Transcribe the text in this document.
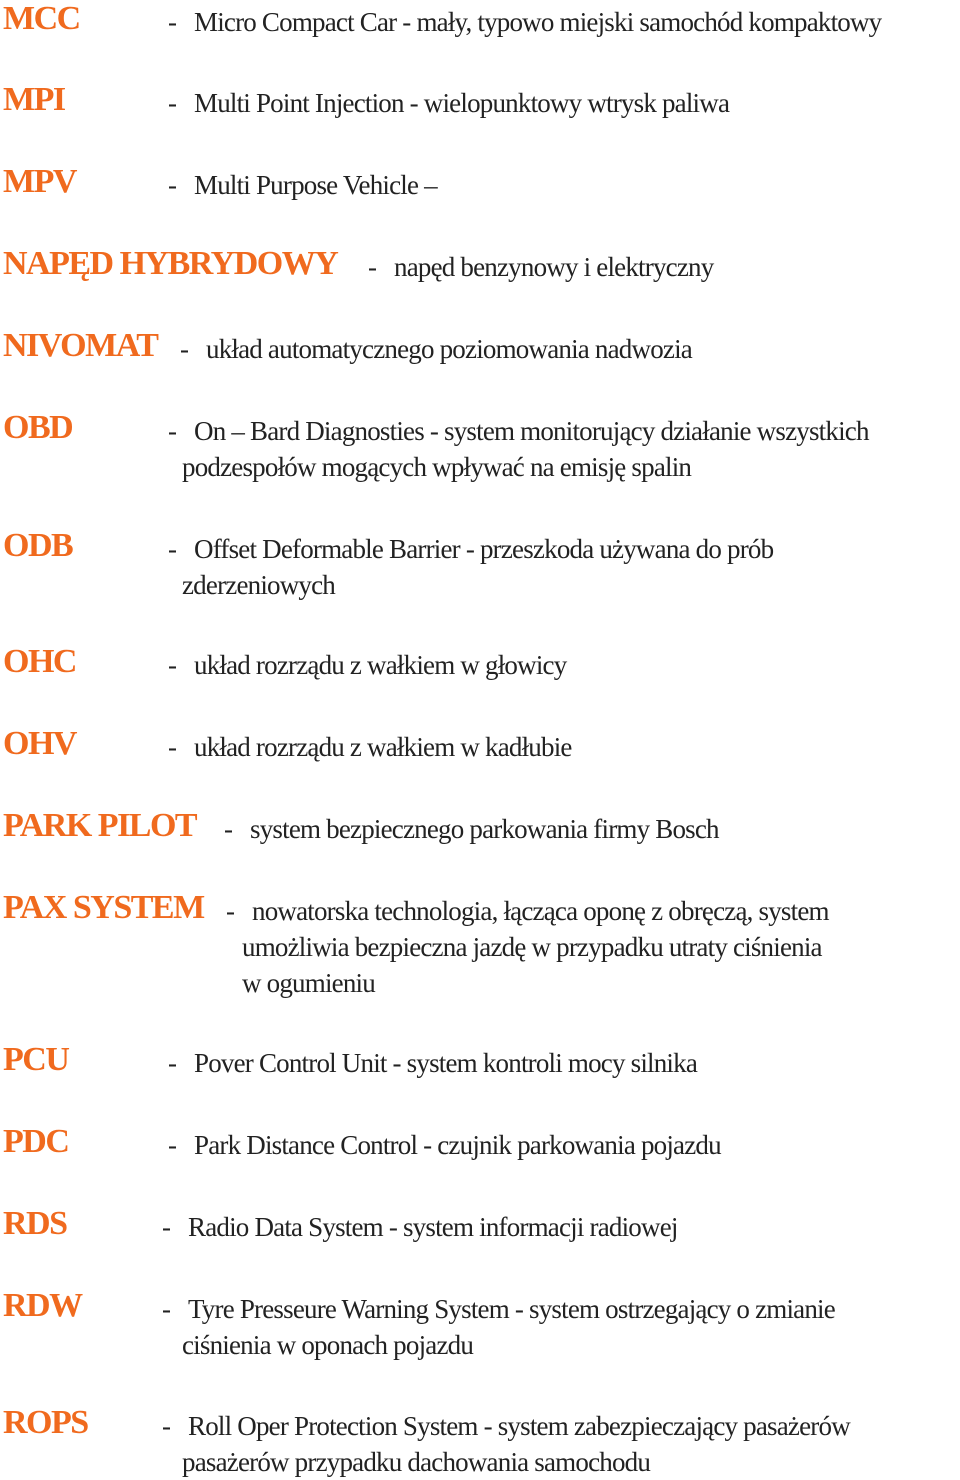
MCC	- Micro Compact Car - mały, typowo miejski samochód kompaktowy
MPI	- Multi Point Injection - wielopunktowy wtrysk paliwa
MPV	- Multi Purpose Vehicle –
NAPĘD HYBRYDOWY - napęd benzynowy i elektryczny
NIVOMAT - układ automatycznego poziomowania nadwozia
OBD	- On – Bard Diagnosties - system monitorujący działanie wszystkich
podzespołów mogących wpływać na emisję spalin
ODB	- Offset Deformable Barrier - przeszkoda używana do prób
zderzeniowych
OHC	- układ rozrządu z wałkiem w głowicy
OHV	- układ rozrządu z wałkiem w kadłubie
PARK PILOT - system bezpiecznego parkowania firmy Bosch
PAX SYSTEM - nowatorska technologia, łącząca oponę z obręczą, system
umożliwia bezpieczna jazdę w przypadku utraty ciśnienia
w ogumieniu
PCU	- Pover Control Unit - system kontroli mocy silnika
PDC	- Park Distance Control - czujnik parkowania pojazdu
RDS	- Radio Data System - system informacji radiowej
RDW	- Tyre Presseure Warning System - system ostrzegający o zmianie
ciśnienia w oponach pojazdu
ROPS	- Roll Oper Protection System - system zabezpieczający pasażerów
pasażerów przypadku dachowania samochodu
